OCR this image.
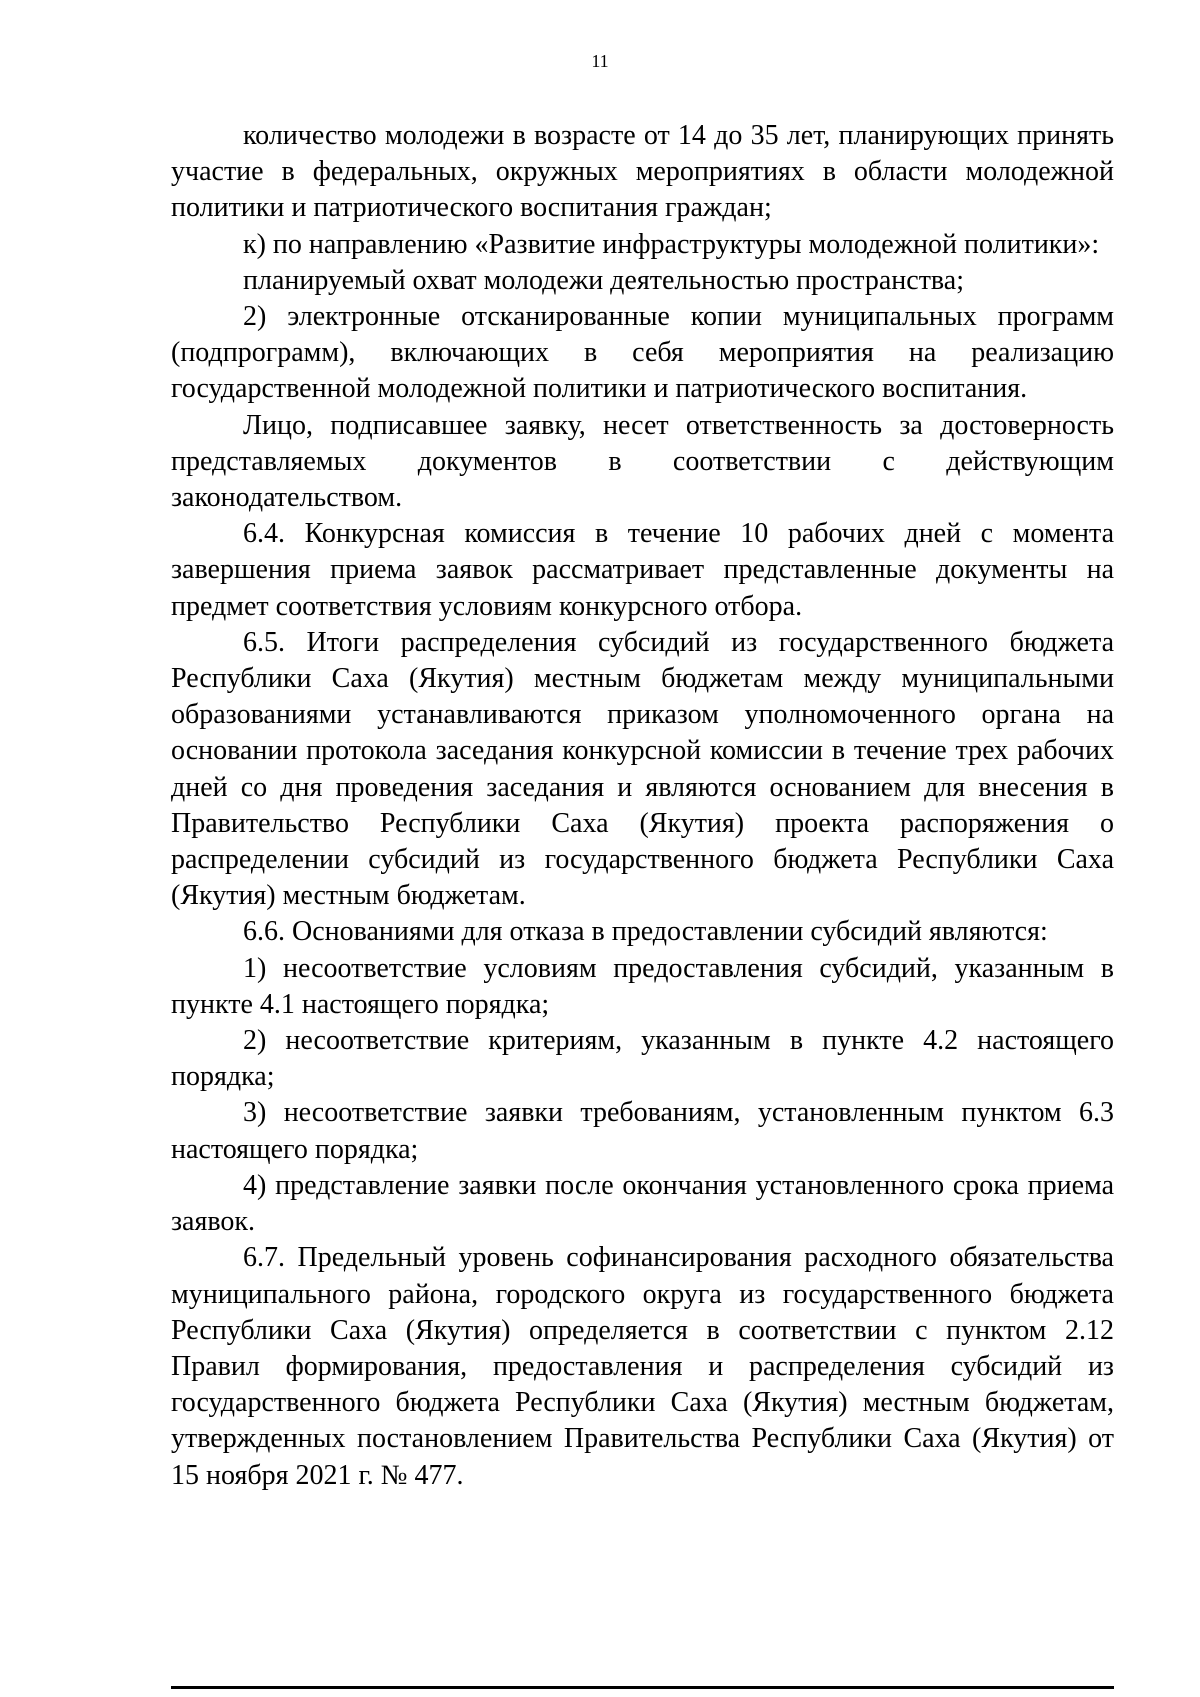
11

количество молодежи в возрасте от 14 до 35 лет, планирующих принять участие в федеральных, окружных мероприятиях в области молодежной политики и патриотического воспитания граждан;

к) по направлению «Развитие инфраструктуры молодежной политики»:

планируемый охват молодежи деятельностью пространства;

2) электронные отсканированные копии муниципальных программ (подпрограмм), включающих в себя мероприятия на реализацию государственной молодежной политики и патриотического воспитания.

Лицо, подписавшее заявку, несет ответственность за достоверность представляемых документов в соответствии с действующим законодательством.

6.4. Конкурсная комиссия в течение 10 рабочих дней с момента завершения приема заявок рассматривает представленные документы на предмет соответствия условиям конкурсного отбора.

6.5. Итоги распределения субсидий из государственного бюджета Республики Саха (Якутия) местным бюджетам между муниципальными образованиями устанавливаются приказом уполномоченного органа на основании протокола заседания конкурсной комиссии в течение трех рабочих дней со дня проведения заседания и являются основанием для внесения в Правительство Республики Саха (Якутия) проекта распоряжения о распределении субсидий из государственного бюджета Республики Саха (Якутия) местным бюджетам.

6.6. Основаниями для отказа в предоставлении субсидий являются:

1) несоответствие условиям предоставления субсидий, указанным в пункте 4.1 настоящего порядка;

2) несоответствие критериям, указанным в пункте 4.2 настоящего порядка;

3) несоответствие заявки требованиям, установленным пунктом 6.3 настоящего порядка;

4) представление заявки после окончания установленного срока приема заявок.

6.7. Предельный уровень софинансирования расходного обязательства муниципального района, городского округа из государственного бюджета Республики Саха (Якутия) определяется в соответствии с пунктом 2.12 Правил формирования, предоставления и распределения субсидий из государственного бюджета Республики Саха (Якутия) местным бюджетам, утвержденных постановлением Правительства Республики Саха (Якутия) от 15 ноября 2021 г. № 477.
